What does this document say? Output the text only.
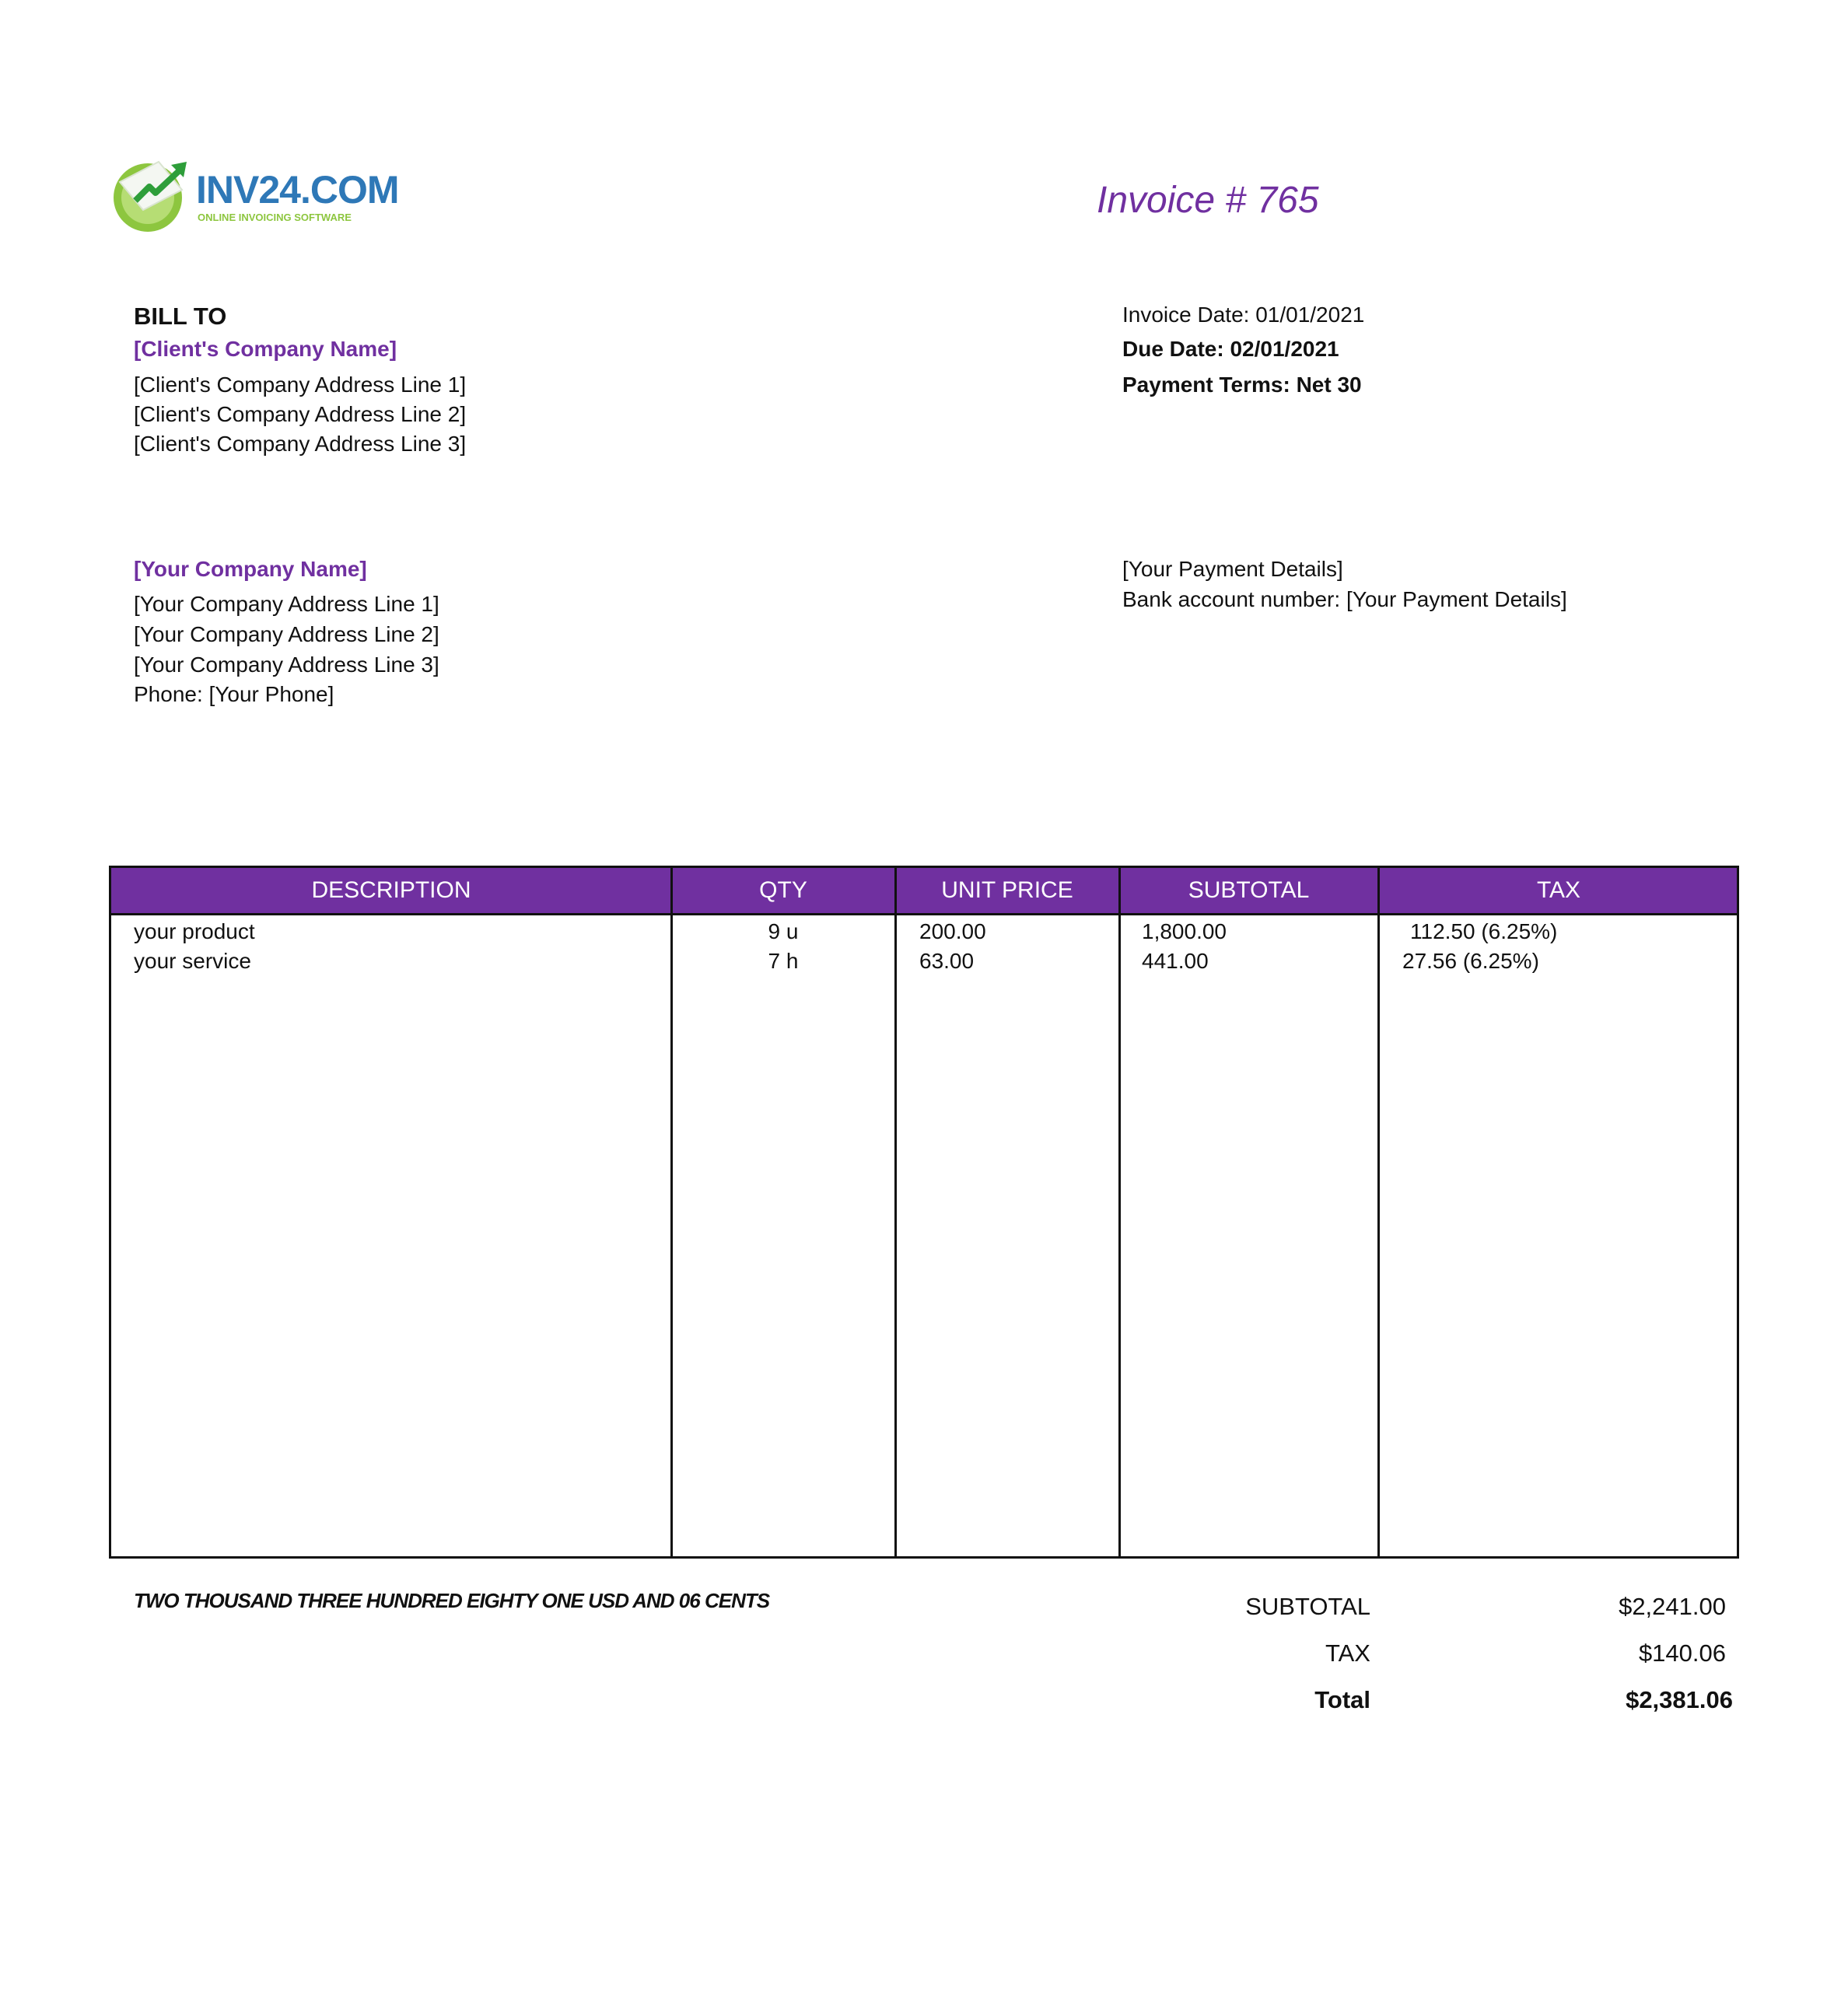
INV24.COM
ONLINE INVOICING SOFTWARE	Invoice # 765
BILL TO
[Client's Company Name]
[Client's Company Address Line 1]
[Client's Company Address Line 2]
[Client's Company Address Line 3]
Invoice Date: 01/01/2021
Due Date: 02/01/2021
Payment Terms: Net 30
[Your Company Name]
[Your Company Address Line 1]
[Your Company Address Line 2]
[Your Company Address Line 3]
Phone: [Your Phone]
[Your Payment Details]
Bank account number: [Your Payment Details]
DESCRIPTION	QTY	UNIT PRICE	SUBTOTAL	TAX
your product	9 u	200.00	1,800.00	112.50 (6.25%)
your service	7 h	63.00	441.00	27.56 (6.25%)
TWO THOUSAND THREE HUNDRED EIGHTY ONE USD AND 06 CENTS	SUBTOTAL	$2,241.00
TAX	$140.06
Total	$2,381.06
